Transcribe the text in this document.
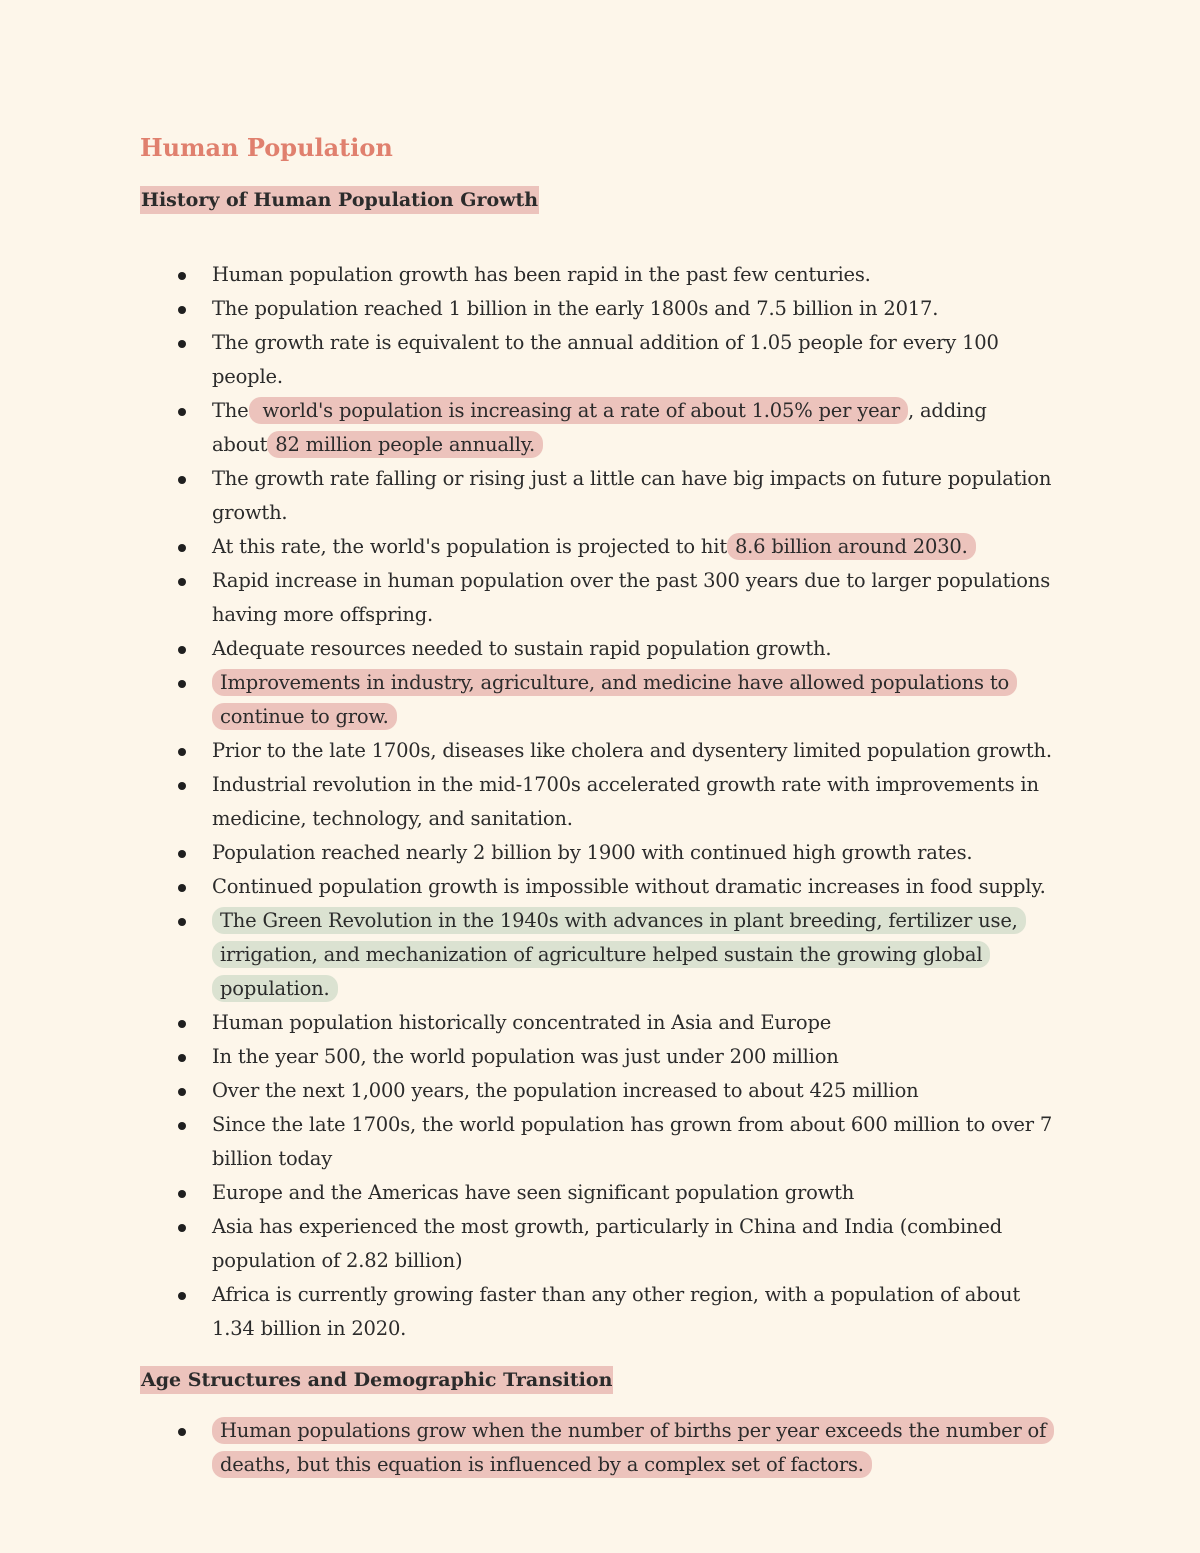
Human Population
History of Human Population Growth
Human population growth has been rapid in the past few centuries.
The population reached 1 billion in the early 1800s and 7.5 billion in 2017.
The growth rate is equivalent to the annual addition of 1.05 people for every 100 people.
The world's population is increasing at a rate of about 1.05% per year , adding about 82 million people annually.
The growth rate falling or rising just a little can have big impacts on future population growth.
At this rate, the world's population is projected to hit 8.6 billion around 2030.
Rapid increase in human population over the past 300 years due to larger populations having more offspring.
Adequate resources needed to sustain rapid population growth.
Improvements in industry, agriculture, and medicine have allowed populations to continue to grow.
Prior to the late 1700s, diseases like cholera and dysentery limited population growth.
Industrial revolution in the mid-1700s accelerated growth rate with improvements in medicine, technology, and sanitation.
Population reached nearly 2 billion by 1900 with continued high growth rates.
Continued population growth is impossible without dramatic increases in food supply.
The Green Revolution in the 1940s with advances in plant breeding, fertilizer use, irrigation, and mechanization of agriculture helped sustain the growing global population.
Human population historically concentrated in Asia and Europe
In the year 500, the world population was just under 200 million
Over the next 1,000 years, the population increased to about 425 million
Since the late 1700s, the world population has grown from about 600 million to over 7 billion today
Europe and the Americas have seen significant population growth
Asia has experienced the most growth, particularly in China and India (combined population of 2.82 billion)
Africa is currently growing faster than any other region, with a population of about 1.34 billion in 2020.
Age Structures and Demographic Transition
Human populations grow when the number of births per year exceeds the number of deaths, but this equation is influenced by a complex set of factors.
